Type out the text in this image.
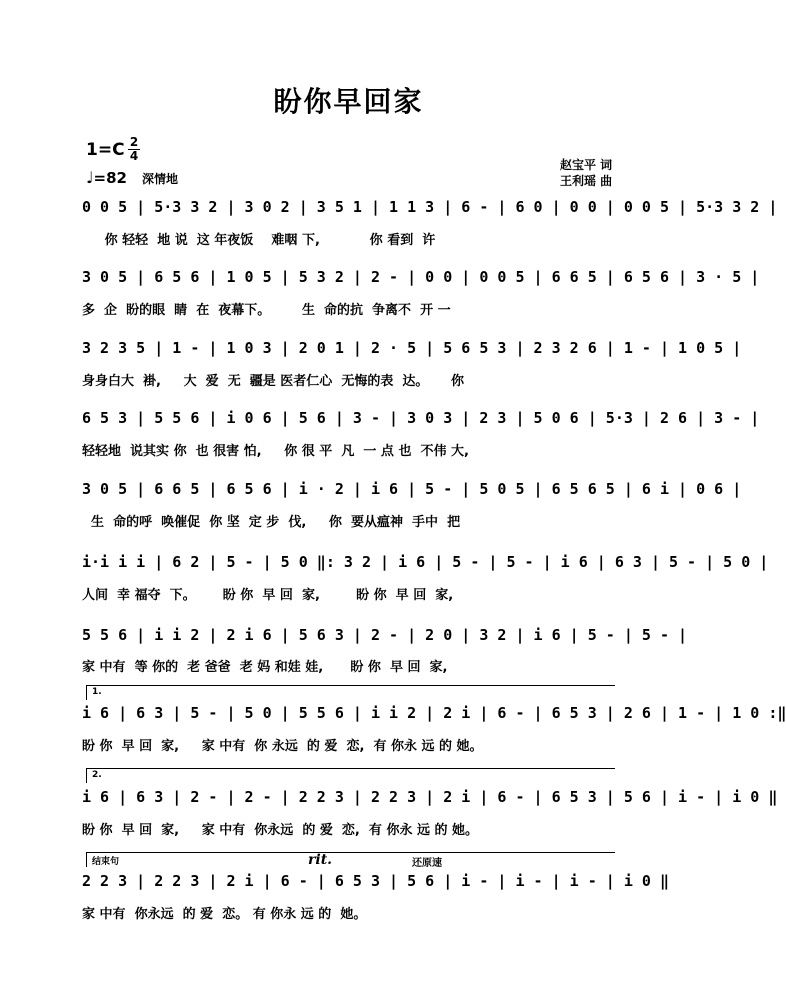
盼你早回家
1=C 2
4
♩=82 深情地
赵宝平 词
王利瑶 曲
0 0 5 | 5·3 3 2 | 3 0 2 | 3 5 1 | 1 1 3 | 6 - | 6 0 | 0 0 | 0 0 5 | 5·3 3 2 |
你 轻轻  地 说  这 年夜饭    难咽 下,           你 看到  许
3 0 5 | 6 5 6 | 1 0 5 | 5 3 2 | 2 - | 0 0 | 0 0 5 | 6 6 5 | 6 5 6 | 3 · 5 |
多  企  盼的眼  睛  在  夜幕下。       生  命的抗  争离不  开 一
3 2 3 5 | 1 - | 1 0 3 | 2 0 1 | 2 · 5 | 5 6 5 3 | 2 3 2 6 | 1 - | 1 0 5 |
身身白大  褂,     大  爱  无  疆是 医者仁心  无悔的表  达。     你
6 5 3 | 5 5 6 | i 0 6 | 5 6 | 3 - | 3 0 3 | 2 3 | 5 0 6 | 5·3 | 2 6 | 3 - |
轻轻地  说其实 你  也 很害 怕,     你 很 平  凡  一 点 也  不伟 大,
3 0 5 | 6 6 5 | 6 5 6 | i · 2 | i 6 | 5 - | 5 0 5 | 6 5 6 5 | 6 i | 0 6 |
生  命的呼  唤催促  你 坚  定 步  伐,     你  要从瘟神  手中  把
i·i i i | 6 2 | 5 - | 5 0 ‖: 3 2 | i 6 | 5 - | 5 - | i 6 | 6 3 | 5 - | 5 0 |
人间  幸 福夺  下。      盼 你  早 回  家,        盼 你  早 回  家,
5 5 6 | i i 2 | 2 i 6 | 5 6 3 | 2 - | 2 0 | 3 2 | i 6 | 5 - | 5 - |
家 中有  等 你的  老 爸爸  老 妈 和娃 娃,      盼 你  早 回  家,
1.
i 6 | 6 3 | 5 - | 5 0 | 5 5 6 | i i 2 | 2 i | 6 - | 6 5 3 | 2 6 | 1 - | 1 0 :‖
盼 你  早 回  家,     家 中有  你 永远  的 爱  恋,  有 你永 远 的 她。
2.
i 6 | 6 3 | 2 - | 2 - | 2 2 3 | 2 2 3 | 2 i | 6 - | 6 5 3 | 5 6 | i - | i 0 ‖
盼 你  早 回  家,     家 中有  你永远  的 爱  恋,  有 你永 远 的 她。
结束句	rit.	还原速
2 2 3 | 2 2 3 | 2 i | 6 - | 6 5 3 | 5 6 | i - | i - | i - | i 0 ‖
家 中有  你永远  的 爱  恋。 有 你永 远 的  她。
